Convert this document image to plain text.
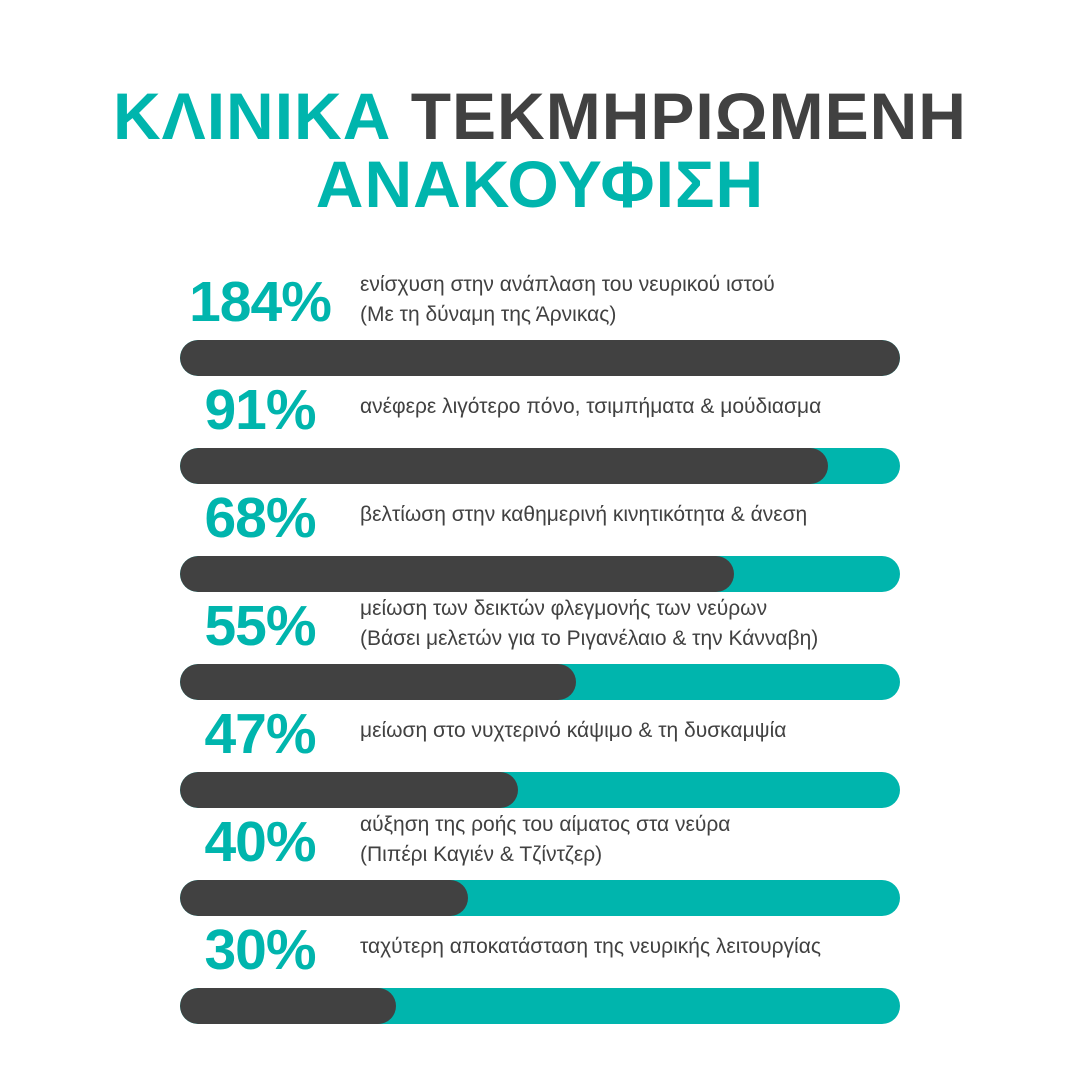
ΚΛΙΝΙΚΑ ΤΕΚΜΗΡΙΩΜΕΝΗ
ΑΝΑΚΟΥΦΙΣΗ
184%	ενίσχυση στην ανάπλαση του νευρικού ιστού
(Με τη δύναμη της Άρνικας)
91%	ανέφερε λιγότερο πόνο, τσιμπήματα & μούδιασμα
68%	βελτίωση στην καθημερινή κινητικότητα & άνεση
55%	μείωση των δεικτών φλεγμονής των νεύρων
(Βάσει μελετών για το Ριγανέλαιο & την Κάνναβη)
47%	μείωση στο νυχτερινό κάψιμο & τη δυσκαμψία
40%	αύξηση της ροής του αίματος στα νεύρα
(Πιπέρι Καγιέν & Τζίντζερ)
30%	ταχύτερη αποκατάσταση της νευρικής λειτουργίας
